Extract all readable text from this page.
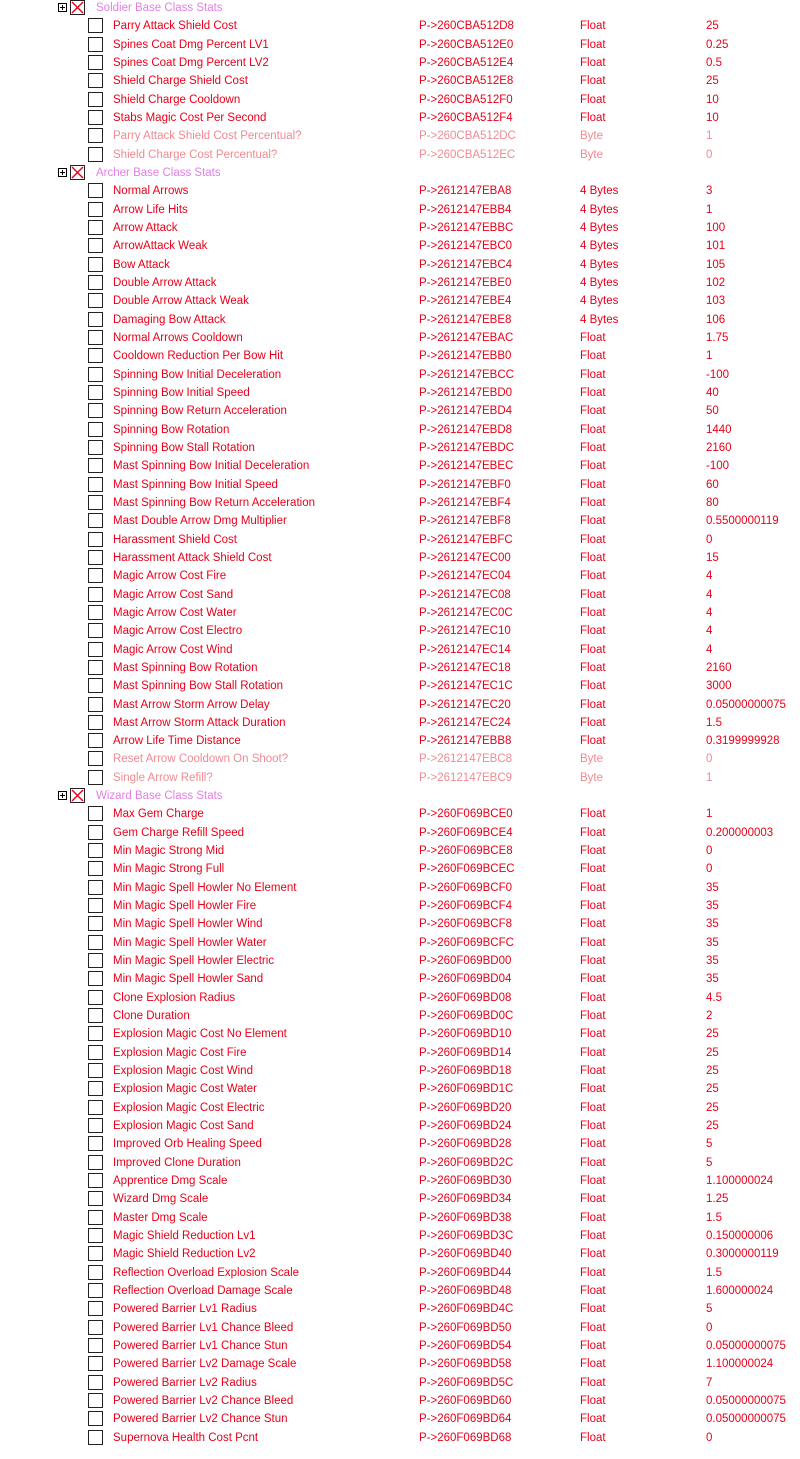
Soldier Base Class Stats
Parry Attack Shield Cost	P->260CBA512D8	Float	25
Spines Coat Dmg Percent LV1	P->260CBA512E0	Float	0.25
Spines Coat Dmg Percent LV2	P->260CBA512E4	Float	0.5
Shield Charge Shield Cost	P->260CBA512E8	Float	25
Shield Charge Cooldown	P->260CBA512F0	Float	10
Stabs Magic Cost Per Second	P->260CBA512F4	Float	10
Parry Attack Shield Cost Percentual?	P->260CBA512DC	Byte	1
Shield Charge Cost Percentual?	P->260CBA512EC	Byte	0
Archer Base Class Stats
Normal Arrows	P->2612147EBA8	4 Bytes	3
Arrow Life Hits	P->2612147EBB4	4 Bytes	1
Arrow Attack	P->2612147EBBC	4 Bytes	100
ArrowAttack Weak	P->2612147EBC0	4 Bytes	101
Bow Attack	P->2612147EBC4	4 Bytes	105
Double Arrow Attack	P->2612147EBE0	4 Bytes	102
Double Arrow Attack Weak	P->2612147EBE4	4 Bytes	103
Damaging Bow Attack	P->2612147EBE8	4 Bytes	106
Normal Arrows Cooldown	P->2612147EBAC	Float	1.75
Cooldown Reduction Per Bow Hit	P->2612147EBB0	Float	1
Spinning Bow Initial Deceleration	P->2612147EBCC	Float	-100
Spinning Bow Initial Speed	P->2612147EBD0	Float	40
Spinning Bow Return Acceleration	P->2612147EBD4	Float	50
Spinning Bow Rotation	P->2612147EBD8	Float	1440
Spinning Bow Stall Rotation	P->2612147EBDC	Float	2160
Mast Spinning Bow Initial Deceleration	P->2612147EBEC	Float	-100
Mast Spinning Bow Initial Speed	P->2612147EBF0	Float	60
Mast Spinning Bow Return Acceleration	P->2612147EBF4	Float	80
Mast Double Arrow Dmg Multiplier	P->2612147EBF8	Float	0.5500000119
Harassment Shield Cost	P->2612147EBFC	Float	0
Harassment Attack Shield Cost	P->2612147EC00	Float	15
Magic Arrow Cost Fire	P->2612147EC04	Float	4
Magic Arrow Cost Sand	P->2612147EC08	Float	4
Magic Arrow Cost Water	P->2612147EC0C	Float	4
Magic Arrow Cost Electro	P->2612147EC10	Float	4
Magic Arrow Cost Wind	P->2612147EC14	Float	4
Mast Spinning Bow Rotation	P->2612147EC18	Float	2160
Mast Spinning Bow Stall Rotation	P->2612147EC1C	Float	3000
Mast Arrow Storm Arrow Delay	P->2612147EC20	Float	0.05000000075
Mast Arrow Storm Attack Duration	P->2612147EC24	Float	1.5
Arrow Life Time Distance	P->2612147EBB8	Float	0.3199999928
Reset Arrow Cooldown On Shoot?	P->2612147EBC8	Byte	0
Single Arrow Refill?	P->2612147EBC9	Byte	1
Wizard Base Class Stats
Max Gem Charge	P->260F069BCE0	Float	1
Gem Charge Refill Speed	P->260F069BCE4	Float	0.200000003
Min Magic Strong Mid	P->260F069BCE8	Float	0
Min Magic Strong Full	P->260F069BCEC	Float	0
Min Magic Spell Howler No Element	P->260F069BCF0	Float	35
Min Magic Spell Howler Fire	P->260F069BCF4	Float	35
Min Magic Spell Howler Wind	P->260F069BCF8	Float	35
Min Magic Spell Howler Water	P->260F069BCFC	Float	35
Min Magic Spell Howler Electric	P->260F069BD00	Float	35
Min Magic Spell Howler Sand	P->260F069BD04	Float	35
Clone Explosion Radius	P->260F069BD08	Float	4.5
Clone Duration	P->260F069BD0C	Float	2
Explosion Magic Cost No Element	P->260F069BD10	Float	25
Explosion Magic Cost Fire	P->260F069BD14	Float	25
Explosion Magic Cost Wind	P->260F069BD18	Float	25
Explosion Magic Cost Water	P->260F069BD1C	Float	25
Explosion Magic Cost Electric	P->260F069BD20	Float	25
Explosion Magic Cost Sand	P->260F069BD24	Float	25
Improved Orb Healing Speed	P->260F069BD28	Float	5
Improved Clone Duration	P->260F069BD2C	Float	5
Apprentice Dmg Scale	P->260F069BD30	Float	1.100000024
Wizard Dmg Scale	P->260F069BD34	Float	1.25
Master Dmg Scale	P->260F069BD38	Float	1.5
Magic Shield Reduction Lv1	P->260F069BD3C	Float	0.150000006
Magic Shield Reduction Lv2	P->260F069BD40	Float	0.3000000119
Reflection Overload Explosion Scale	P->260F069BD44	Float	1.5
Reflection Overload Damage Scale	P->260F069BD48	Float	1.600000024
Powered Barrier Lv1 Radius	P->260F069BD4C	Float	5
Powered Barrier Lv1 Chance Bleed	P->260F069BD50	Float	0
Powered Barrier Lv1 Chance Stun	P->260F069BD54	Float	0.05000000075
Powered Barrier Lv2 Damage Scale	P->260F069BD58	Float	1.100000024
Powered Barrier Lv2 Radius	P->260F069BD5C	Float	7
Powered Barrier Lv2 Chance Bleed	P->260F069BD60	Float	0.05000000075
Powered Barrier Lv2 Chance Stun	P->260F069BD64	Float	0.05000000075
Supernova Health Cost Pcnt	P->260F069BD68	Float	0
